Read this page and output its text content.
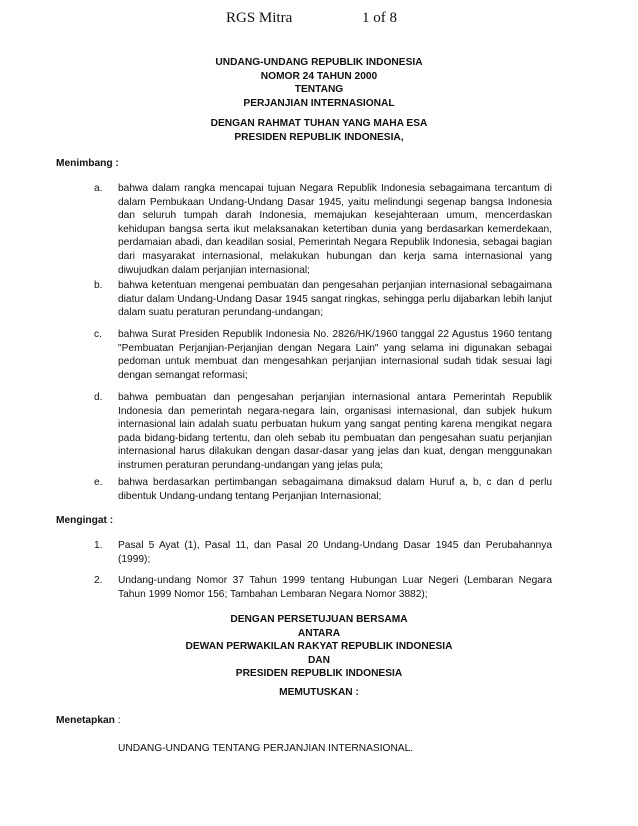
RGS Mitra	1 of 8
UNDANG-UNDANG REPUBLIK INDONESIA
NOMOR 24 TAHUN 2000
TENTANG
PERJANJIAN INTERNASIONAL
DENGAN RAHMAT TUHAN YANG MAHA ESA
PRESIDEN REPUBLIK INDONESIA,
Menimbang :
a.	bahwa dalam rangka mencapai tujuan Negara Republik Indonesia sebagaimana tercantum di dalam Pembukaan Undang-Undang Dasar 1945, yaitu melindungi segenap bangsa Indonesia dan seluruh tumpah darah Indonesia, memajukan kesejahteraan umum, mencerdaskan kehidupan bangsa serta ikut melaksanakan ketertiban dunia yang berdasarkan kemerdekaan, perdamaian abadi, dan keadilan sosial, Pemerintah Negara Republik Indonesia, sebagai bagian dari masyarakat internasional, melakukan hubungan dan kerja sama internasional yang diwujudkan dalam perjanjian internasional;
b.	bahwa ketentuan mengenai pembuatan dan pengesahan perjanjian internasional sebagaimana diatur dalam Undang-Undang Dasar 1945 sangat ringkas, sehingga perlu dijabarkan lebih lanjut dalam suatu peraturan perundang-undangan;
c.	bahwa Surat Presiden Republik Indonesia No. 2826/HK/1960 tanggal 22 Agustus 1960 tentang "Pembuatan Perjanjian-Perjanjian dengan Negara Lain" yang selama ini digunakan sebagai pedoman untuk membuat dan mengesahkan perjanjian internasional sudah tidak sesuai lagi dengan semangat reformasi;
d.	bahwa pembuatan dan pengesahan perjanjian internasional antara Pemerintah Republik Indonesia dan pemerintah negara-negara lain, organisasi internasional, dan subjek hukum internasional lain adalah suatu perbuatan hukum yang sangat penting karena mengikat negara pada bidang-bidang tertentu, dan oleh sebab itu pembuatan dan pengesahan suatu perjanjian internasional harus dilakukan dengan dasar-dasar yang jelas dan kuat, dengan menggunakan instrumen peraturan perundang-undangan yang jelas pula;
e.	bahwa berdasarkan pertimbangan sebagaimana dimaksud dalam Huruf a, b, c dan d perlu dibentuk Undang-undang tentang Perjanjian Internasional;
Mengingat :
1.	Pasal 5 Ayat (1), Pasal 11, dan Pasal 20 Undang-Undang Dasar 1945 dan Perubahannya (1999);
2.	Undang-undang Nomor 37 Tahun 1999 tentang Hubungan Luar Negeri (Lembaran Negara Tahun 1999 Nomor 156; Tambahan Lembaran Negara Nomor 3882);
DENGAN PERSETUJUAN BERSAMA
ANTARA
DEWAN PERWAKILAN RAKYAT REPUBLIK INDONESIA
DAN
PRESIDEN REPUBLIK INDONESIA
MEMUTUSKAN :
Menetapkan :
UNDANG-UNDANG TENTANG PERJANJIAN INTERNASIONAL.
